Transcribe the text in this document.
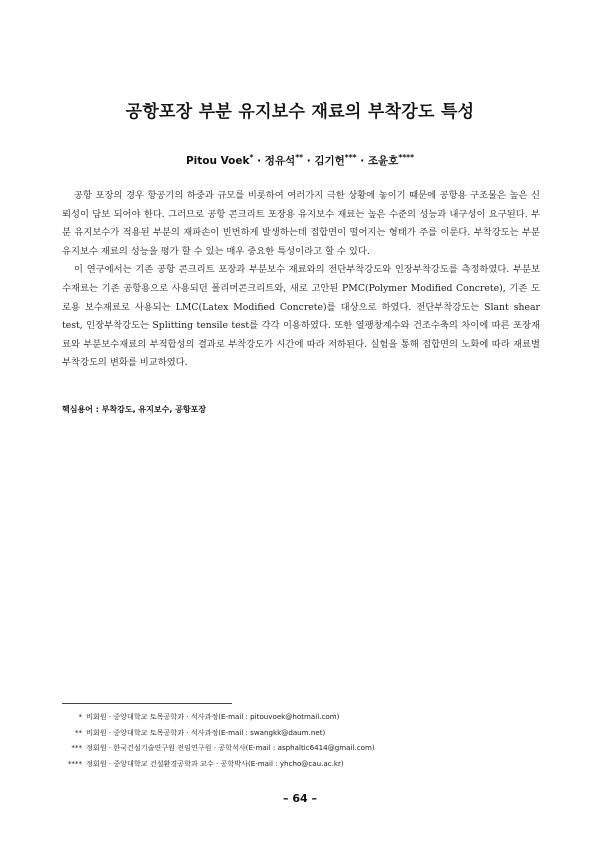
공항포장 부분 유지보수 재료의 부착강도 특성
Pitou Voek* · 정유석** · 김기헌*** · 조윤호****

공항 포장의 경우 항공기의 하중과 규모를 비롯하여 여러가지 극한 상황에 놓이기 때문에 공항용 구조물은 높은 신뢰성이 담보 되어야 한다. 그러므로 공항 콘크리트 포장용 유지보수 재료는 높은 수준의 성능과 내구성이 요구된다. 부분 유지보수가 적용된 부분의 재파손이 빈번하게 발생하는데 접합면이 떨어지는 형태가 주를 이룬다. 부착강도는 부분 유지보수 재료의 성능을 평가 할 수 있는 매우 중요한 특성이라고 할 수 있다.

이 연구에서는 기존 공항 콘크리트 포장과 부분보수 재료와의 전단부착강도와 인장부착강도를 측정하였다. 부분보수재료는 기존 공항용으로 사용되던 폴리머콘크리트와, 새로 고안된 PMC(Polymer Modified Concrete), 기존 도로용 보수재료로 사용되는 LMC(Latex Modified Concrete)를 대상으로 하였다. 전단부착강도는 Slant shear test, 인장부착강도는 Splitting tensile test를 각각 이용하였다. 또한 열팽창계수와 건조수축의 차이에 따른 포장재료와 부분보수재료의 부적합성의 결과로 부착강도가 시간에 따라 저하된다. 실험을 통해 접합면의 노화에 따라 재료별 부착강도의 변화를 비교하였다.

핵심용어 : 부착강도, 유지보수, 공항포장
* 비회원 · 중앙대학교 토목공학과 · 석사과정(E-mail : pitouvoek@hotmail.com)
** 비회원 · 중앙대학교 토목공학과 · 석사과정(E-mail : swangkk@daum.net)
*** 정회원 · 한국건설기술연구원 전임연구원 · 공학석사(E-mail : asphaltic6414@gmail.com)
**** 정회원 · 중앙대학교 건설환경공학과 교수 · 공학박사(E-mail : yhcho@cau.ac.kr)
– 64 –
